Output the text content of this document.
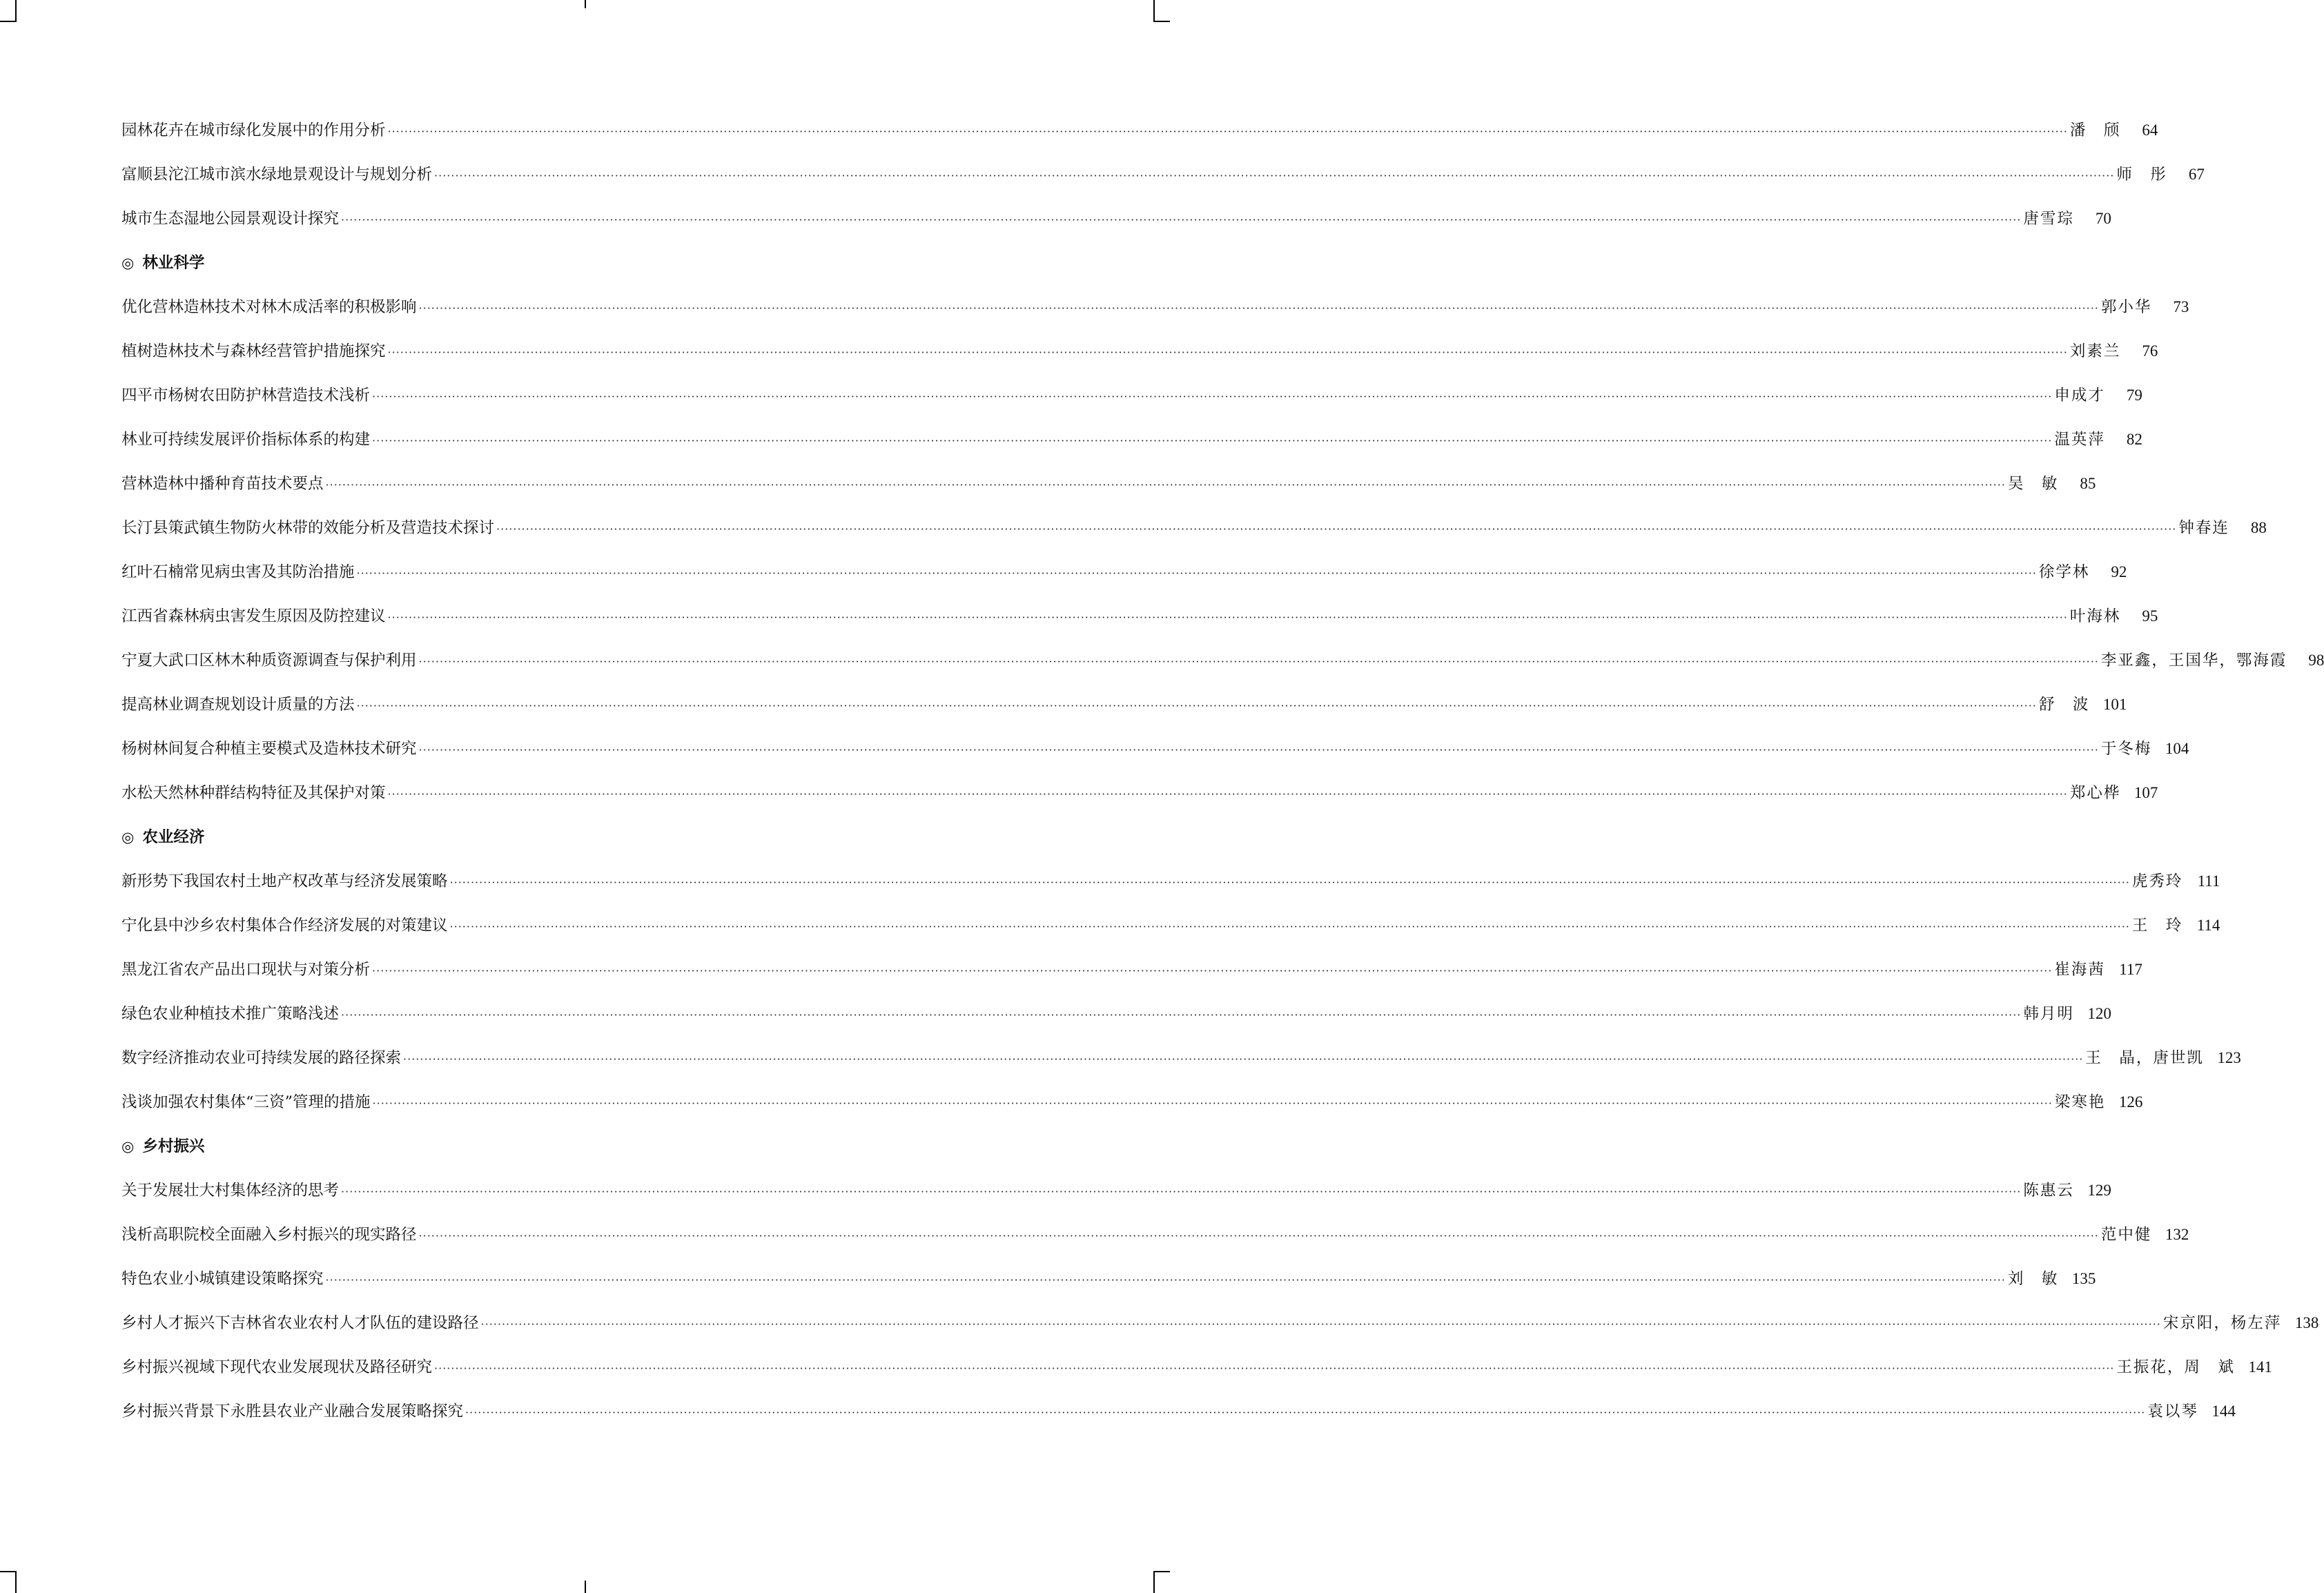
园林花卉在城市绿化发展中的作用分析 ················································································································································································································································································································································································································ 潘　颀	64
富顺县沱江城市滨水绿地景观设计与规划分析 ················································································································································································································································································································································································································ 师　彤	67
城市生态湿地公园景观设计探究 ················································································································································································································································································································································································································ 唐雪琮	70
◎ 林业科学
优化营林造林技术对林木成活率的积极影响 ················································································································································································································································································································································································································ 郭小华	73
植树造林技术与森林经营管护措施探究 ················································································································································································································································································································································································································ 刘素兰	76
四平市杨树农田防护林营造技术浅析 ················································································································································································································································································································································································································ 申成才	79
林业可持续发展评价指标体系的构建 ················································································································································································································································································································································································································ 温英萍	82
营林造林中播种育苗技术要点 ················································································································································································································································································································································································································ 吴　敏	85
长汀县策武镇生物防火林带的效能分析及营造技术探讨 ················································································································································································································································································································································································································ 钟春连	88
红叶石楠常见病虫害及其防治措施 ················································································································································································································································································································································································································ 徐学林	92
江西省森林病虫害发生原因及防控建议 ················································································································································································································································································································································································································ 叶海林	95
宁夏大武口区林木种质资源调查与保护利用 ················································································································································································································································································································································································································ 李亚鑫，王国华，鄂海霞	98
提高林业调查规划设计质量的方法 ················································································································································································································································································································································································································ 舒　波 101
杨树林间复合种植主要模式及造林技术研究 ················································································································································································································································································································································································································ 于冬梅 104
水松天然林种群结构特征及其保护对策 ················································································································································································································································································································································································································ 郑心桦 107
◎ 农业经济
新形势下我国农村土地产权改革与经济发展策略 ················································································································································································································································································································································································································ 虎秀玲 111
宁化县中沙乡农村集体合作经济发展的对策建议 ················································································································································································································································································································································································································ 王　玲 114
黑龙江省农产品出口现状与对策分析 ················································································································································································································································································································································································································ 崔海茜 117
绿色农业种植技术推广策略浅述 ················································································································································································································································································································································································································ 韩月明 120
数字经济推动农业可持续发展的路径探索 ················································································································································································································································································································································································································ 王　晶，唐世凯 123
浅谈加强农村集体“三资”管理的措施 ················································································································································································································································································································································································································ 梁寒艳 126
◎ 乡村振兴
关于发展壮大村集体经济的思考 ················································································································································································································································································································································································································ 陈惠云 129
浅析高职院校全面融入乡村振兴的现实路径 ················································································································································································································································································································································································································ 范中健 132
特色农业小城镇建设策略探究 ················································································································································································································································································································································································································ 刘　敏 135
乡村人才振兴下吉林省农业农村人才队伍的建设路径 ················································································································································································································································································································································································································ 宋京阳，杨左萍 138
乡村振兴视域下现代农业发展现状及路径研究 ················································································································································································································································································································································································································ 王振花，周　斌 141
乡村振兴背景下永胜县农业产业融合发展策略探究 ················································································································································································································································································································································································································ 袁以琴 144
